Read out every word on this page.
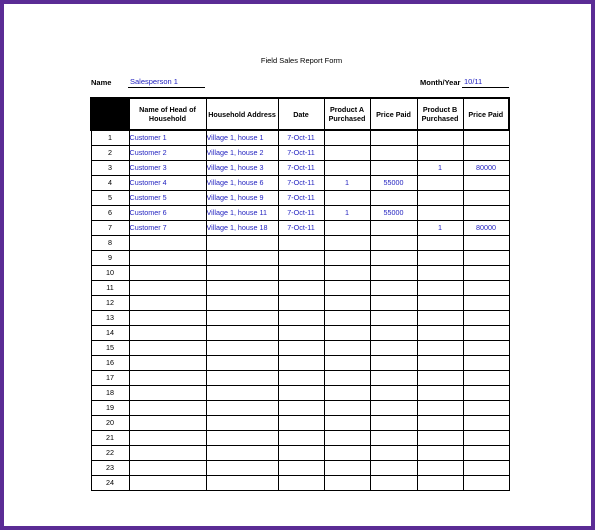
Field Sales Report Form
Name Salesperson 1	Month/Year 10/11
	Name of Head of Household	Household Address	Date	Product A Purchased	Price Paid	Product B Purchased	Price Paid
1	Customer 1	Village 1, house 1	7-Oct-11				
2	Customer 2	Village 1, house 2	7-Oct-11				
3	Customer 3	Village 1, house 3	7-Oct-11			1	80000
4	Customer 4	Village 1, house 6	7-Oct-11	1	55000		
5	Customer 5	Village 1, house 9	7-Oct-11				
6	Customer 6	Village 1, house 11	7-Oct-11	1	55000		
7	Customer 7	Village 1, house 18	7-Oct-11			1	80000
8							
9							
10							
11							
12							
13							
14							
15							
16							
17							
18							
19							
20							
21							
22							
23							
24							
